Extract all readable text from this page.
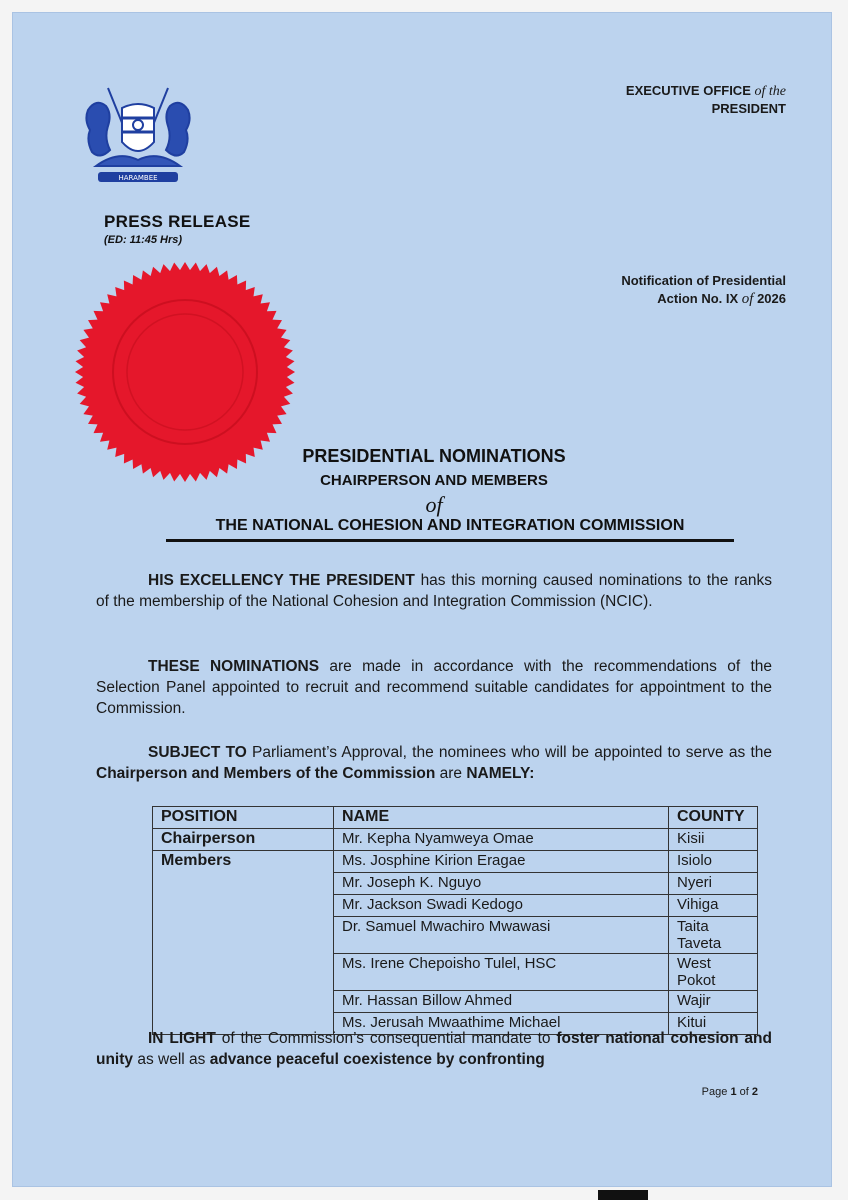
HARAMBEE
EXECUTIVE OFFICE of the
PRESIDENT
PRESS RELEASE
(ED: 11:45 Hrs)
Notification of Presidential
Action No. IX of 2026
PRESIDENTIAL NOMINATIONS
CHAIRPERSON AND MEMBERS
of
THE NATIONAL COHESION AND INTEGRATION COMMISSION
HIS EXCELLENCY THE PRESIDENT has this morning caused nominations to the ranks of the membership of the National Cohesion and Integration Commission (NCIC).
THESE NOMINATIONS are made in accordance with the recommendations of the Selection Panel appointed to recruit and recommend suitable candidates for appointment to the Commission.
SUBJECT TO Parliament’s Approval, the nominees who will be appointed to serve as the Chairperson and Members of the Commission are NAMELY:
POSITION	NAME	COUNTY
Chairperson	Mr. Kepha Nyamweya Omae	Kisii
Members	Ms. Josphine Kirion Eragae	Isiolo
	Mr. Joseph K. Nguyo	Nyeri
	Mr. Jackson Swadi Kedogo	Vihiga
	Dr. Samuel Mwachiro Mwawasi	Taita Taveta
	Ms. Irene Chepoisho Tulel, HSC	West Pokot
	Mr. Hassan Billow Ahmed	Wajir
	Ms. Jerusah Mwaathime Michael	Kitui
IN LIGHT of the Commission’s consequential mandate to foster national cohesion and unity as well as advance peaceful coexistence by confronting
Page 1 of 2
